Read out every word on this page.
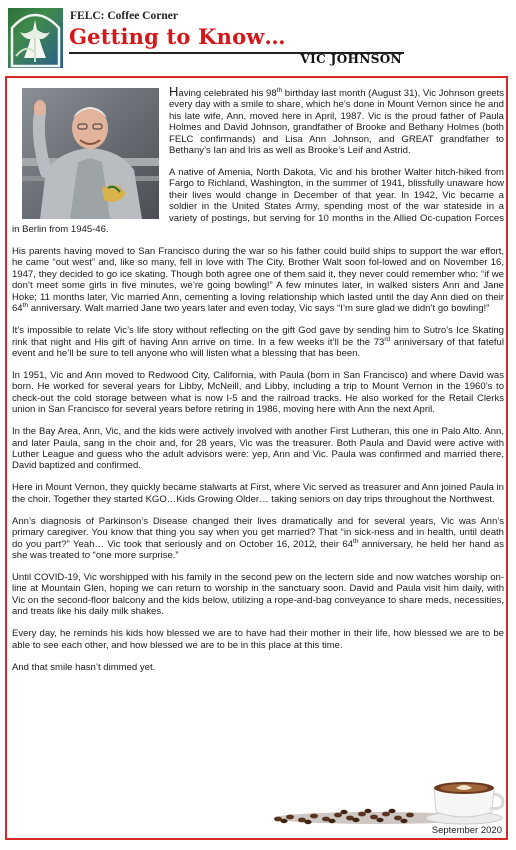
FELC: Coffee Corner
Getting to Know…
VIC JOHNSON

Having celebrated his 98th birthday last month (August 31), Vic Johnson greets every day with a smile to share, which he’s done in Mount Vernon since he and his late wife, Ann, moved here in April, 1987. Vic is the proud father of Paula Holmes and David Johnson, grandfather of Brooke and Bethany Holmes (both FELC confirmands) and Lisa Ann Johnson, and GREAT grandfather to Bethany’s Ian and Iris as well as Brooke’s Leif and Astrid.

A native of Amenia, North Dakota, Vic and his brother Walter hitch-hiked from Fargo to Richland, Washington, in the summer of 1941, blissfully unaware how their lives would change in December of that year. In 1942, Vic became a soldier in the United States Army, spending most of the war stateside in a variety of postings, but serving for 10 months in the Allied Oc-cupation Forces in Berlin from 1945-46.

His parents having moved to San Francisco during the war so his father could build ships to support the war effort, he came “out west” and, like so many, fell in love with The City. Brother Walt soon fol-lowed and on November 16, 1947, they decided to go ice skating. Though both agree one of them said it, they never could remember who: “if we don’t meet some girls in five minutes, we’re going bowling!” A few minutes later, in walked sisters Ann and Jane Hoke; 11 months later, Vic married Ann, cementing a loving relationship which lasted until the day Ann died on their 64th anniversary. Walt married Jane two years later and even today, Vic says “I’m sure glad we didn’t go bowling!”

It’s impossible to relate Vic’s life story without reflecting on the gift God gave by sending him to Sutro’s Ice Skating rink that night and His gift of having Ann arrive on time. In a few weeks it’ll be the 73rd anniversary of that fateful event and he’ll be sure to tell anyone who will listen what a blessing that has been.

In 1951, Vic and Ann moved to Redwood City, California, with Paula (born in San Francisco) and where David was born. He worked for several years for Libby, McNeill, and Libby, including a trip to Mount Vernon in the 1960’s to check-out the cold storage between what is now I-5 and the railroad tracks. He also worked for the Retail Clerks union in San Francisco for several years before retiring in 1986, moving here with Ann the next April.

In the Bay Area, Ann, Vic, and the kids were actively involved with another First Lutheran, this one in Palo Alto. Ann, and later Paula, sang in the choir and, for 28 years, Vic was the treasurer. Both Paula and David were active with Luther League and guess who the adult advisors were: yep, Ann and Vic. Paula was confirmed and married there, David baptized and confirmed.

Here in Mount Vernon, they quickly became stalwarts at First, where Vic served as treasurer and Ann joined Paula in the choir. Together they started KGO…Kids Growing Older… taking seniors on day trips throughout the Northwest.

Ann’s diagnosis of Parkinson’s Disease changed their lives dramatically and for several years, Vic was Ann’s primary caregiver. You know that thing you say when you get married? That “in sick-ness and in health, until death do you part?” Yeah… Vic took that seriously and on October 16, 2012, their 64th anniversary, he held her hand as she was treated to “one more surprise.”

Until COVID-19, Vic worshipped with his family in the second pew on the lectern side and now watches worship on-line at Mountain Glen, hoping we can return to worship in the sanctuary soon. David and Paula visit him daily, with Vic on the second-floor balcony and the kids below, utilizing a rope-and-bag conveyance to share meds, necessities, and treats like his daily milk shakes.

Every day, he reminds his kids how blessed we are to have had their mother in their life, how blessed we are to be able to see each other, and how blessed we are to be in this place at this time.

And that smile hasn’t dimmed yet.

September 2020
